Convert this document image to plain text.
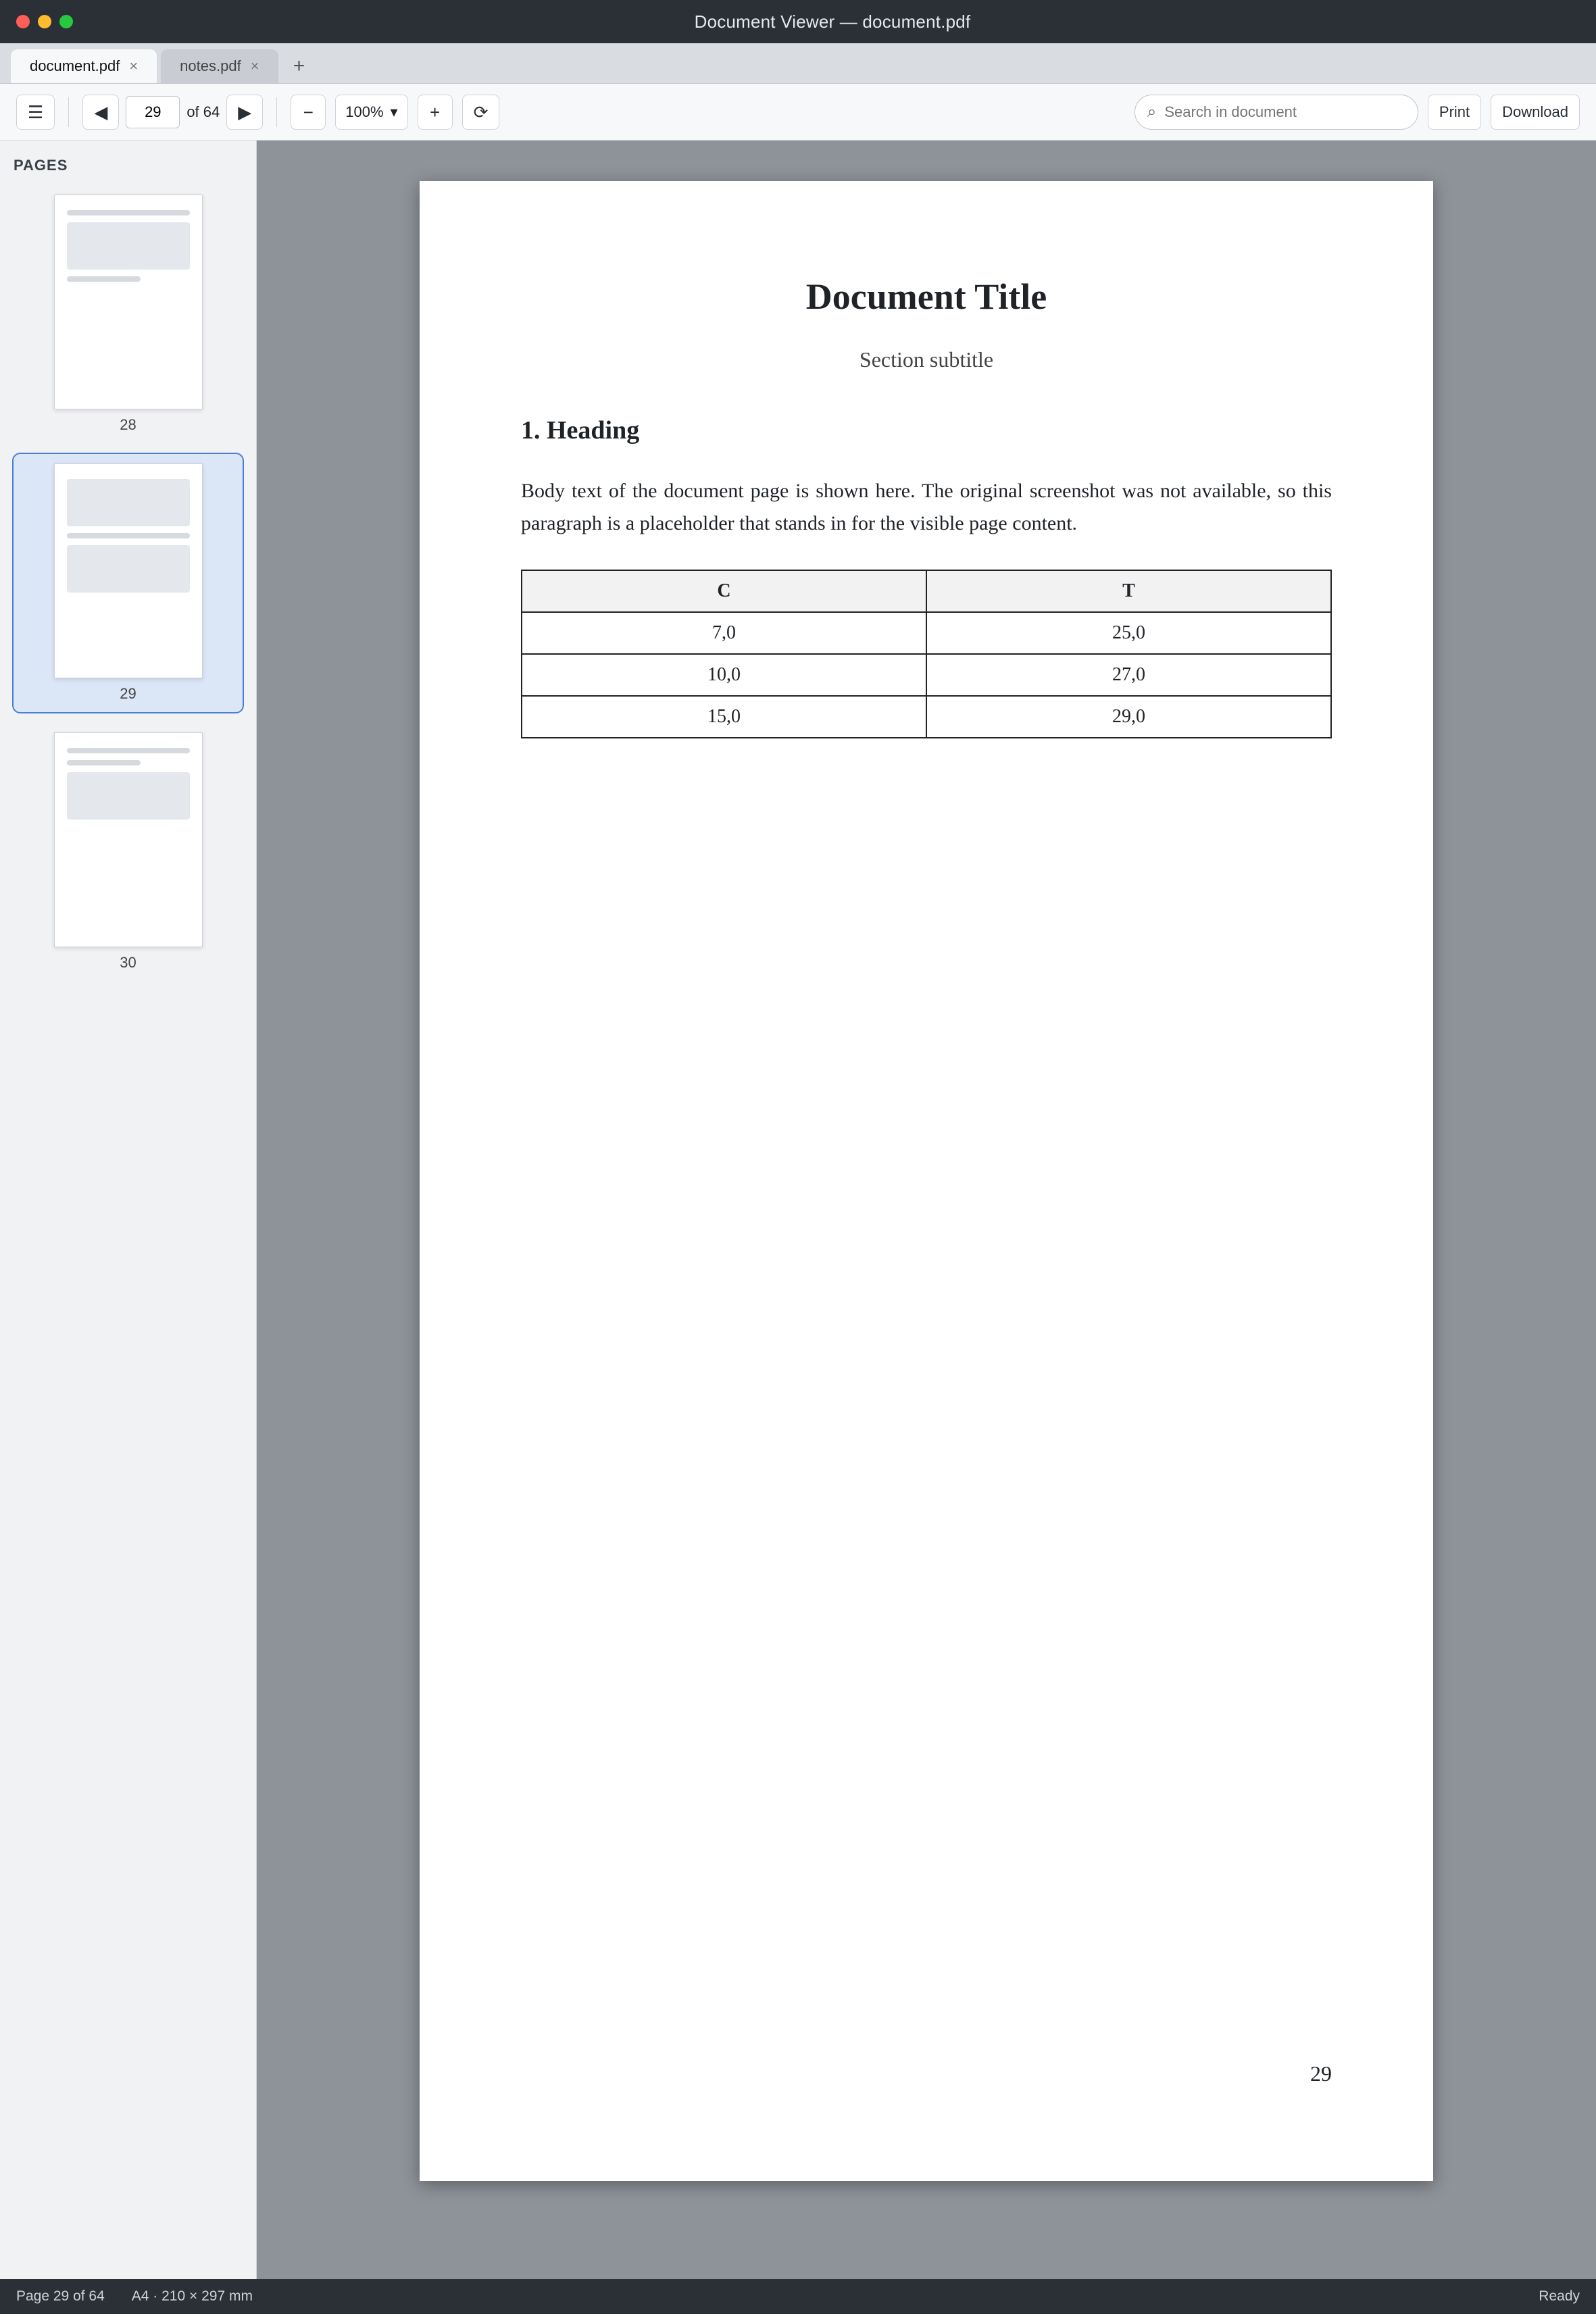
Document Viewer — document.pdf
document.pdf ×	notes.pdf ×	+
☰	◀
29	of 64 ▶	− 100% ▾ + ⟳	⌕
Search in document	Print	Download
PAGES
28
29
30
Document Title
Section subtitle
1. Heading

Body text of the document page is shown here. The original screenshot was not available, so this paragraph is a placeholder that stands in for the visible page content.

C	T
7,0	25,0
10,0	27,0
15,0	29,0
29
Page 29 of 64 A4 · 210 × 297 mm	Ready
